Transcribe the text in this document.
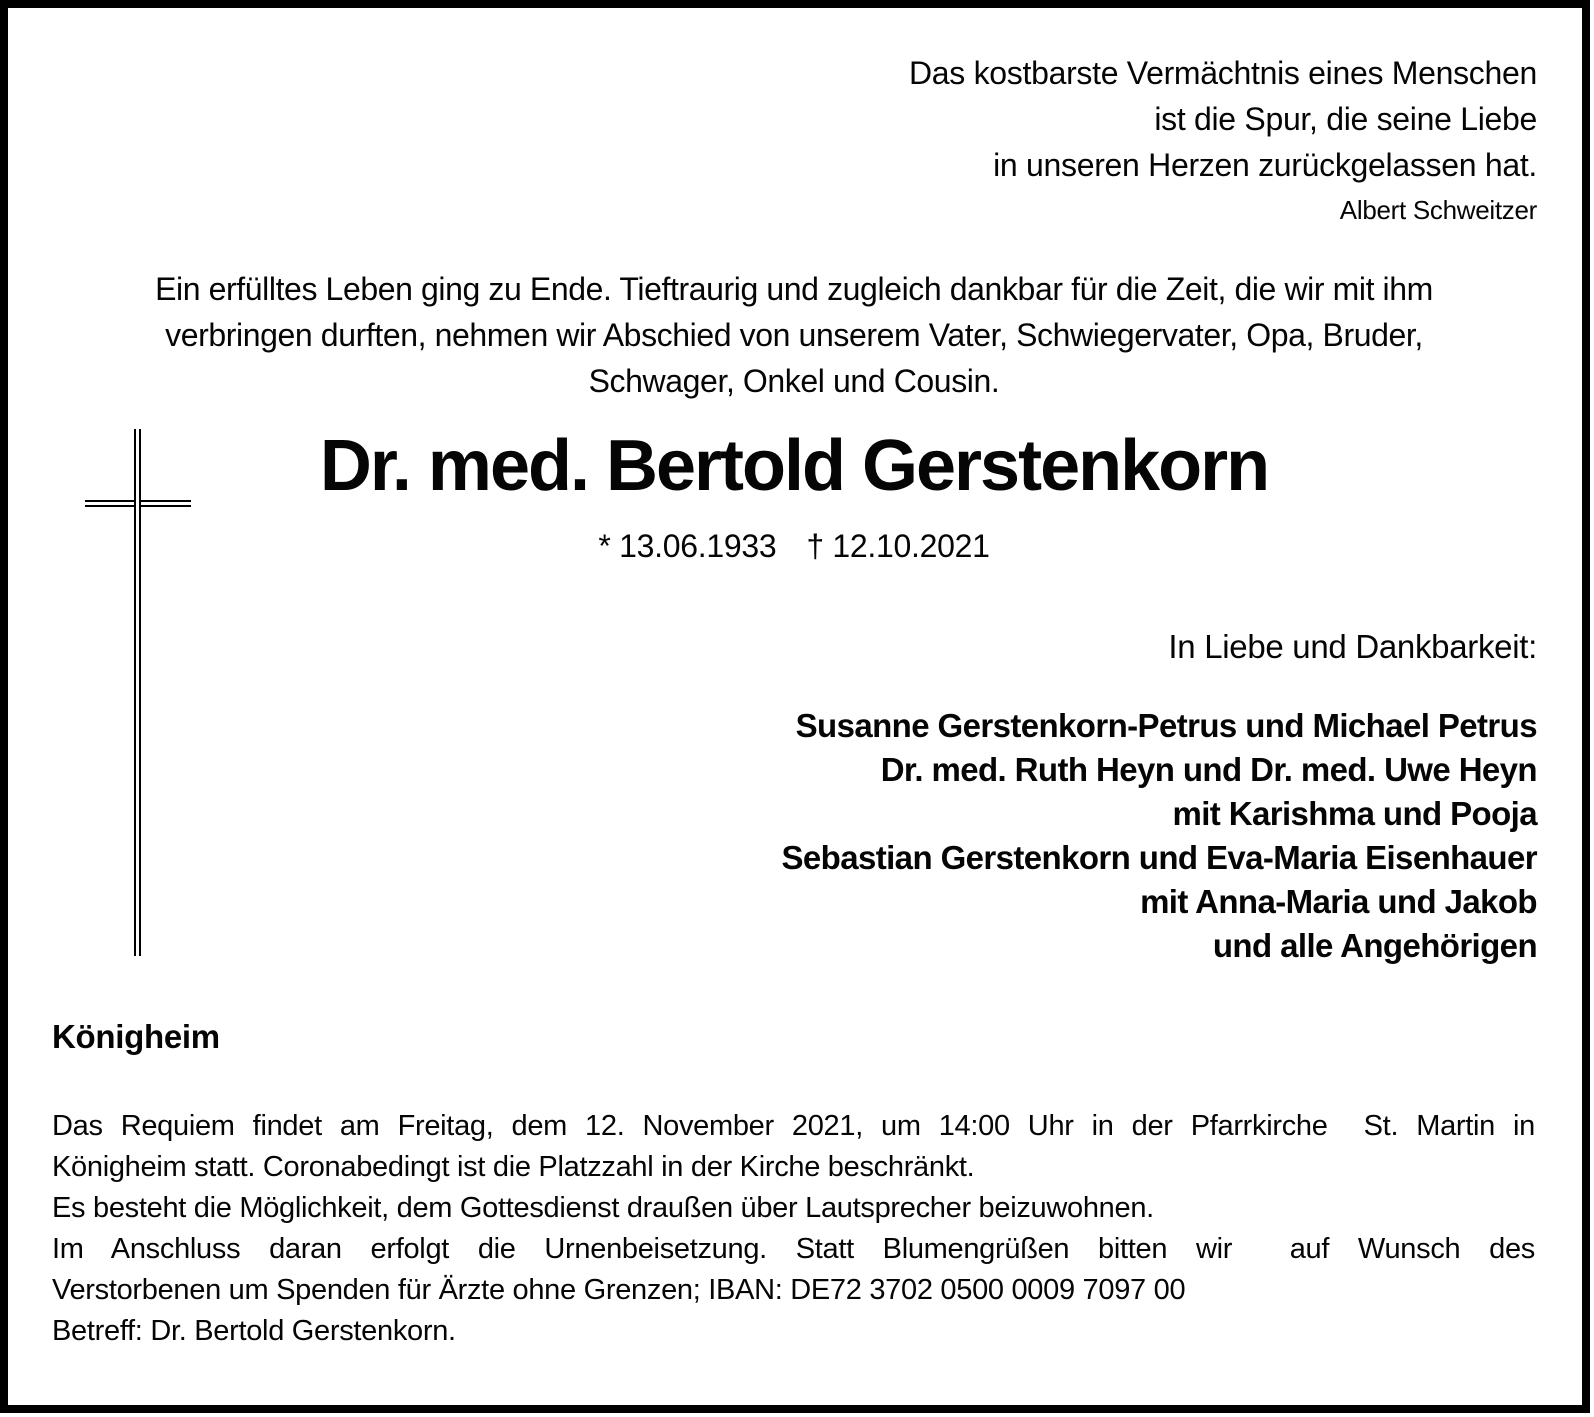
Das kostbarste Vermächtnis eines Menschen
ist die Spur, die seine Liebe
in unseren Herzen zurückgelassen hat.
Albert Schweitzer
Ein erfülltes Leben ging zu Ende. Tieftraurig und zugleich dankbar für die Zeit, die wir mit ihm
verbringen durften, nehmen wir Abschied von unserem Vater, Schwiegervater, Opa, Bruder,
Schwager, Onkel und Cousin.
Dr. med. Bertold Gerstenkorn
* 13.06.1933 † 12.10.2021
In Liebe und Dankbarkeit:
Susanne Gerstenkorn-Petrus und Michael Petrus
Dr. med. Ruth Heyn und Dr. med. Uwe Heyn
mit Karishma und Pooja
Sebastian Gerstenkorn und Eva-Maria Eisenhauer
mit Anna-Maria und Jakob
und alle Angehörigen
Königheim
Das Requiem findet am Freitag, dem 12. November 2021, um 14:00 Uhr in der Pfarrkirche  St. Martin in
Königheim statt. Coronabedingt ist die Platzzahl in der Kirche beschränkt.
Es besteht die Möglichkeit, dem Gottesdienst draußen über Lautsprecher beizuwohnen.
Im Anschluss daran erfolgt die Urnenbeisetzung. Statt Blumengrüßen bitten wir  auf Wunsch des
Verstorbenen um Spenden für Ärzte ohne Grenzen; IBAN: DE72 3702 0500 0009 7097 00
Betreff: Dr. Bertold Gerstenkorn.
